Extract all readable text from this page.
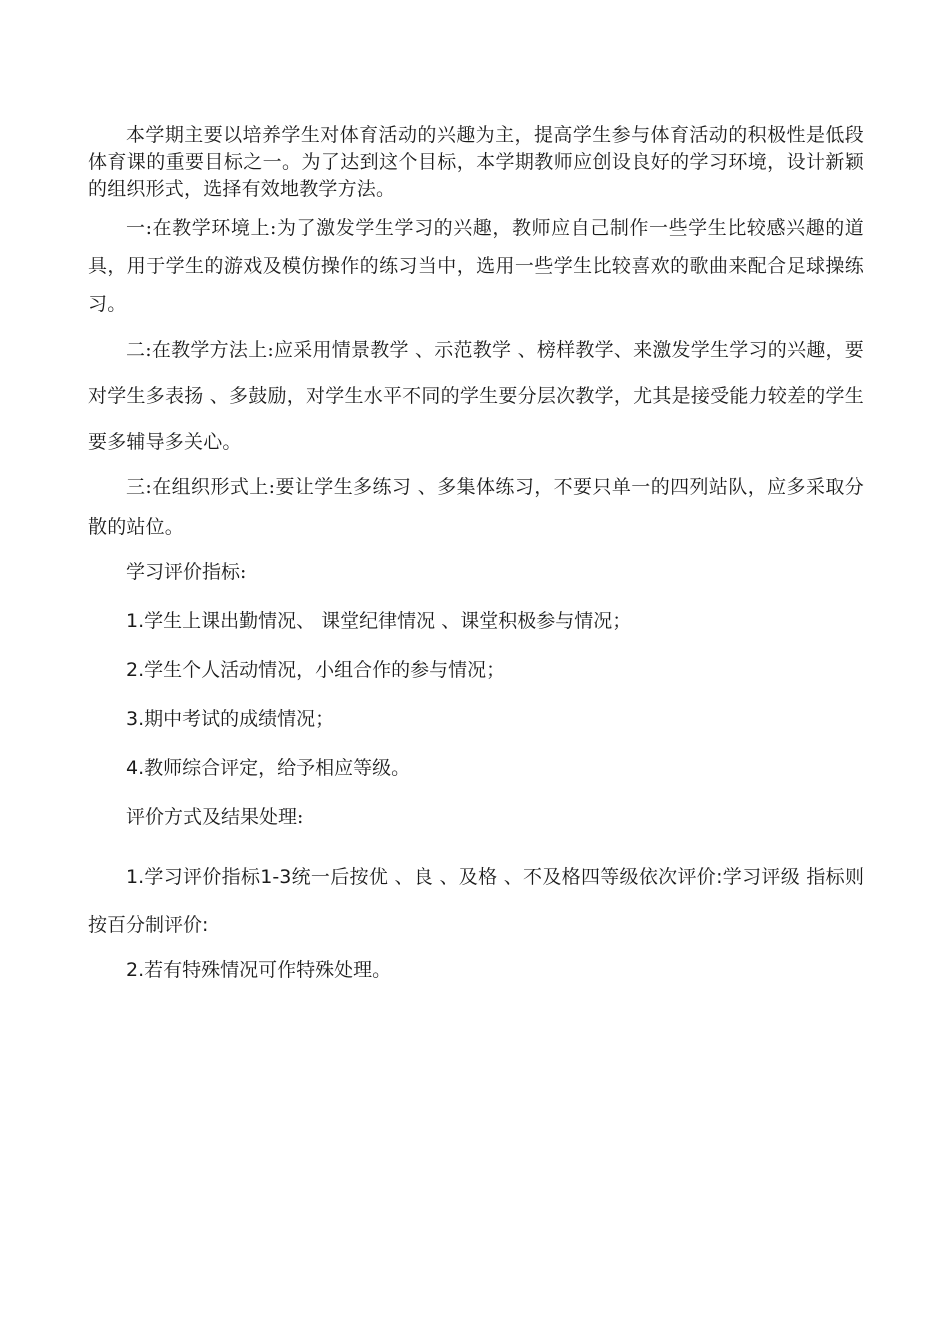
本学期主要以培养学生对体育活动的兴趣为主，提高学生参与体育活动的积极性是低段体育课的重要目标之一。为了达到这个目标，本学期教师应创设良好的学习环境，设计新颖的组织形式，选择有效地教学方法。

一:在教学环境上:为了激发学生学习的兴趣，教师应自己制作一些学生比较感兴趣的道具，用于学生的游戏及模仿操作的练习当中，选用一些学生比较喜欢的歌曲来配合足球操练习。

二:在教学方法上:应采用情景教学 、示范教学 、榜样教学、来激发学生学习的兴趣，要对学生多表扬 、多鼓励，对学生水平不同的学生要分层次教学，尤其是接受能力较差的学生要多辅导多关心。

三:在组织形式上:要让学生多练习 、多集体练习，不要只单一的四列站队，应多采取分散的站位。

学习评价指标:

1.学生上课出勤情况、 课堂纪律情况 、课堂积极参与情况；

2.学生个人活动情况，小组合作的参与情况；

3.期中考试的成绩情况；

4.教师综合评定，给予相应等级。

评价方式及结果处理:

1.学习评价指标1-3统一后按优 、良 、及格 、不及格四等级依次评价:学习评级 指标则按百分制评价:

2.若有特殊情况可作特殊处理。
